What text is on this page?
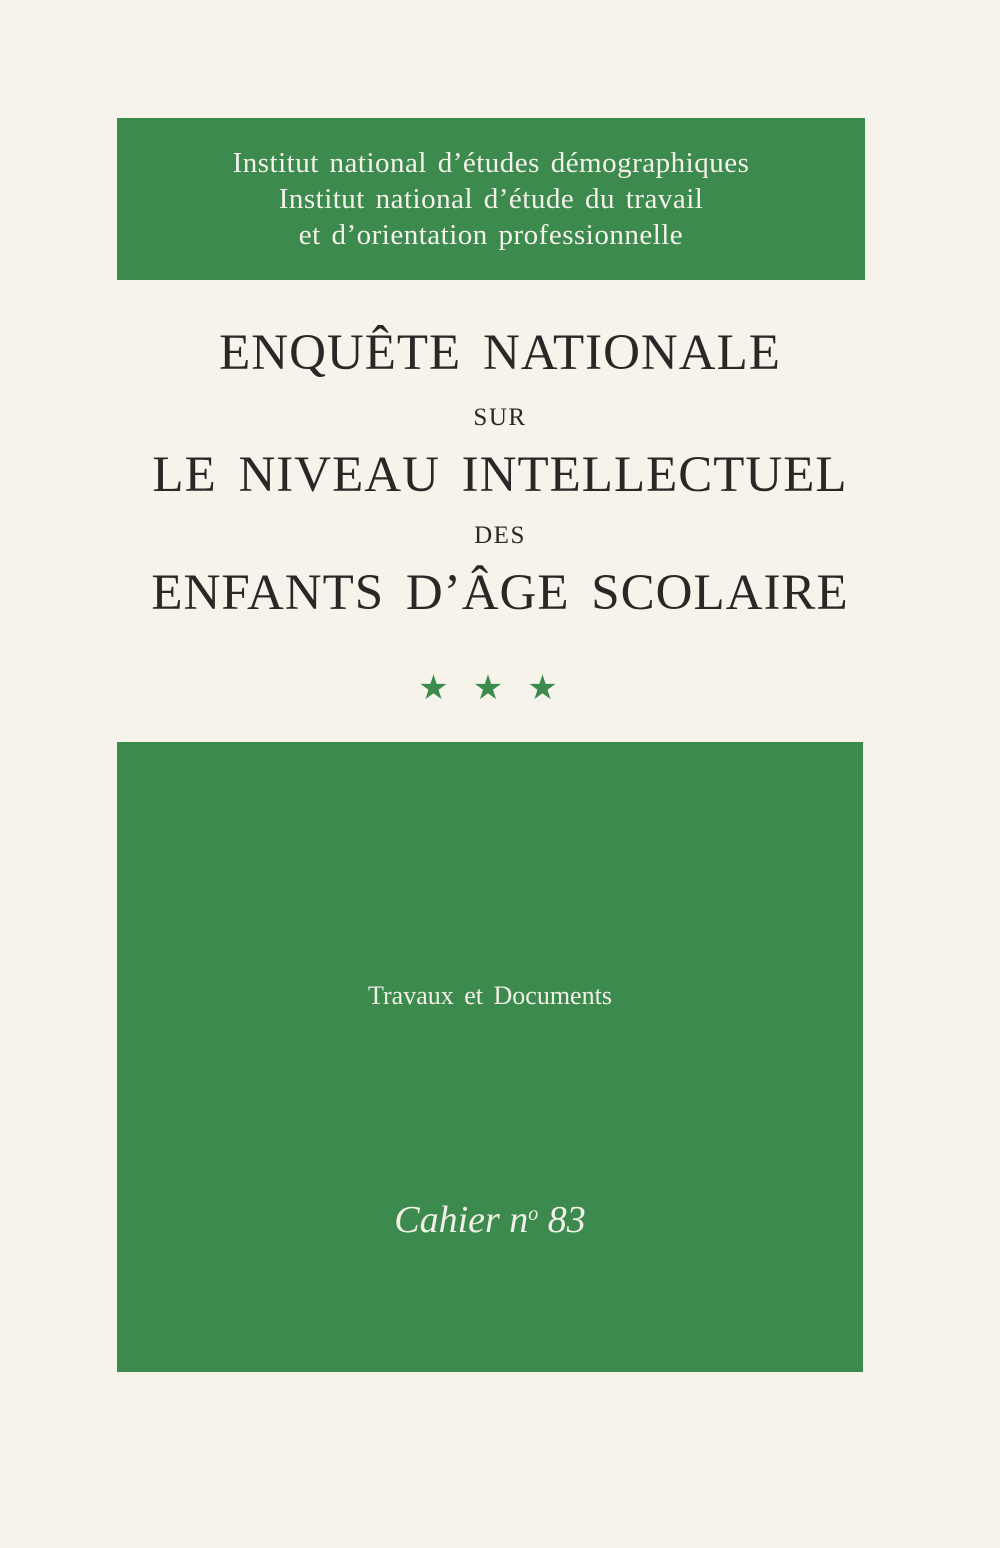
Institut national d’études démographiques
Institut national d’étude du travail
et d’orientation professionnelle
ENQUÊTE NATIONALE
SUR
LE NIVEAU INTELLECTUEL
DES
ENFANTS D’ÂGE SCOLAIRE
★★★
Travaux et Documents
Cahier $n^o$ 83
